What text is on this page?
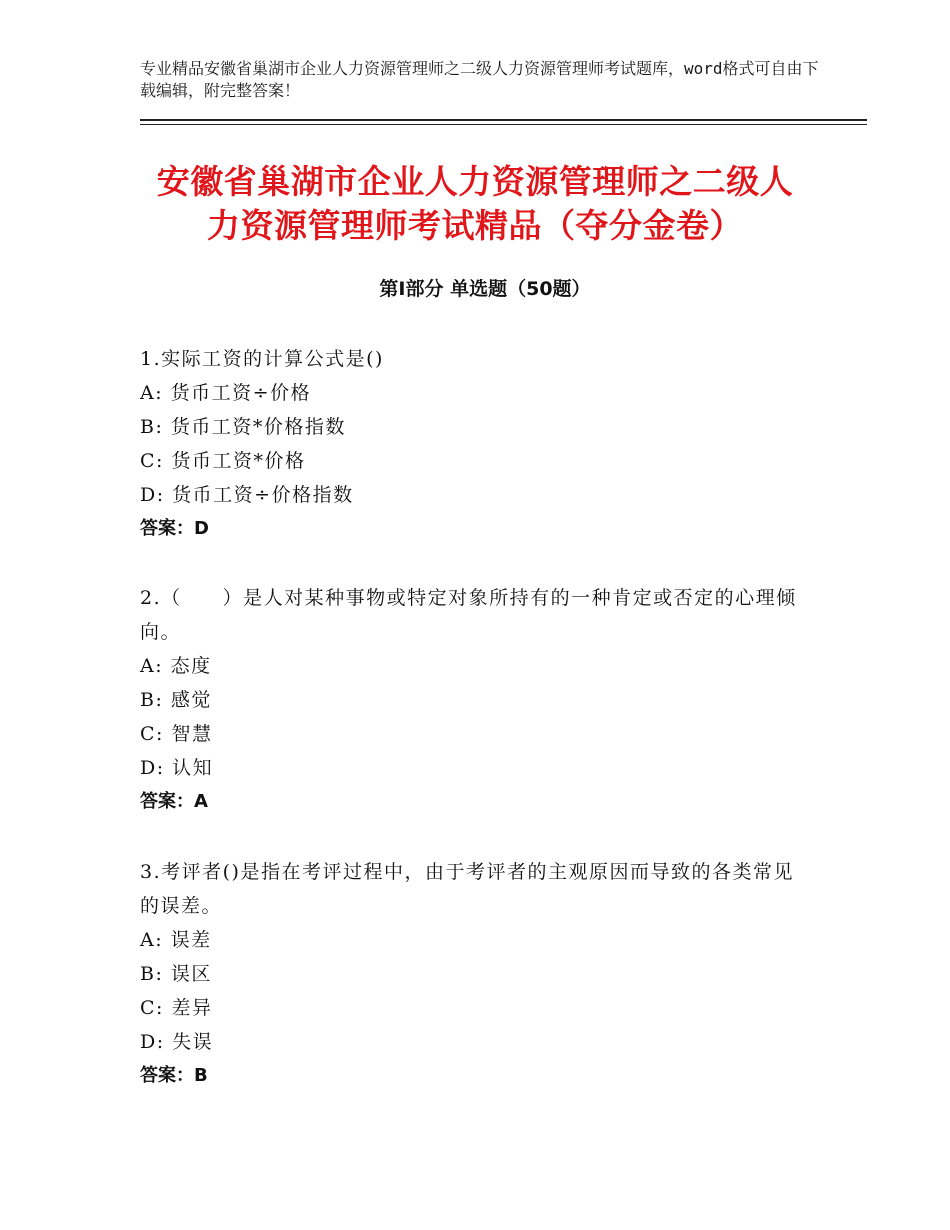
专业精品安徽省巢湖市企业人力资源管理师之二级人力资源管理师考试题库，word格式可自由下载编辑，附完整答案！
安徽省巢湖市企业人力资源管理师之二级人
力资源管理师考试精品（夺分金卷）
第Ⅰ部分 单选题（50题）

1.实际工资的计算公式是()

A: 货币工资÷价格

B: 货币工资*价格指数

C: 货币工资*价格

D: 货币工资÷价格指数

答案：D

2.（　　）是人对某种事物或特定对象所持有的一种肯定或否定的心理倾向。

A: 态度

B: 感觉

C: 智慧

D: 认知

答案：A

3.考评者()是指在考评过程中，由于考评者的主观原因而导致的各类常见的误差。

A: 误差

B: 误区

C: 差异

D: 失误

答案：B
